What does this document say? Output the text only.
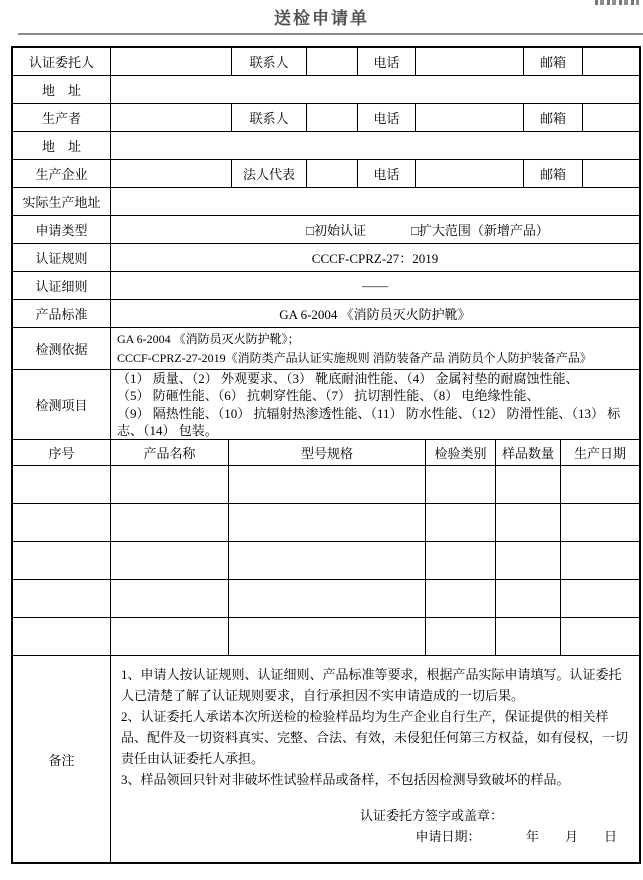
送检申请单
认证委托人	联系人	电话	邮箱
地　址
生产者	联系人	电话	邮箱
地　址
生产企业	法人代表	电话	邮箱
实际生产地址
申请类型	□初始认证	□扩大范围（新增产品）
认证规则	CCCF-CPRZ-27：2019
认证细则	——
产品标准	GA 6-2004 《消防员灭火防护靴》
检测依据
GA 6-2004 《消防员灭火防护靴》；
CCCF-CPRZ-27-2019《消防类产品认证实施规则 消防装备产品 消防员个人防护装备产品》
检测项目
（1） 质量、（2） 外观要求、（3） 靴底耐油性能、（4） 金属衬垫的耐腐蚀性能、
（5） 防砸性能、（6） 抗刺穿性能、（7） 抗切割性能、（8） 电绝缘性能、
（9） 隔热性能、（10） 抗辐射热渗透性能、（11） 防水性能、（12） 防滑性能、（13） 标志、（14） 包装。
序号	产品名称	型号规格	检验类别	样品数量	生产日期
备注
1、申请人按认证规则、认证细则、产品标准等要求，根据产品实际申请填写。认证委托人已清楚了解了认证规则要求，自行承担因不实申请造成的一切后果。
2、认证委托人承诺本次所送检的检验样品均为生产企业自行生产，保证提供的相关样品、配件及一切资料真实、完整、合法、有效，未侵犯任何第三方权益，如有侵权，一切责任由认证委托人承担。
3、样品领回只针对非破坏性试验样品或备样，不包括因检测导致破坏的样品。
认证委托方签字或盖章：
申请日期：　　　　年　　月　　日
